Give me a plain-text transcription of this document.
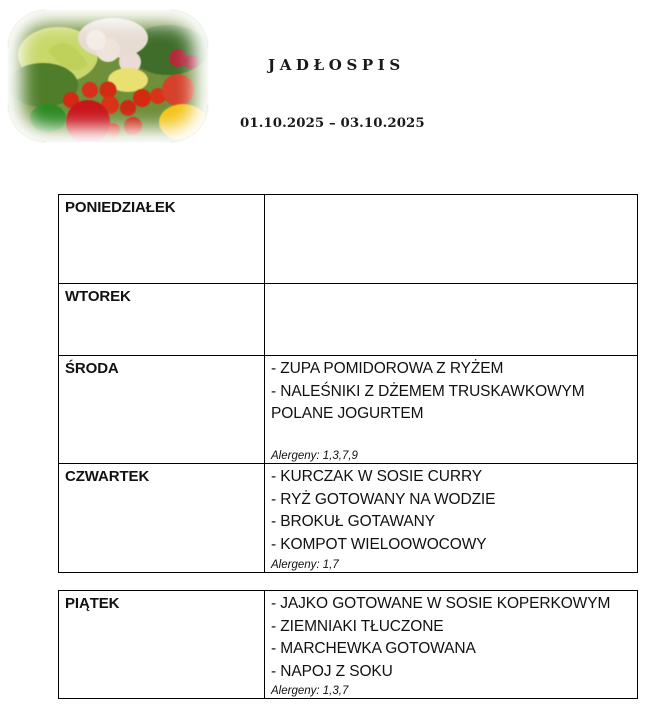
JADŁOSPIS
01.10.2025 – 03.10.2025
PONIEDZIAŁEK	

WTOREK	

ŚRODA	- ZUPA POMIDOROWA Z RYŻEM
- NALEŚNIKI Z DŻEMEM TRUSKAWKOWYM POLANE JOGURTEM
Alergeny: 1,3,7,9

CZWARTEK	- KURCZAK W SOSIE CURRY
- RYŻ GOTOWANY NA WODZIE
- BROKUŁ GOTAWANY
- KOMPOT WIELOOWOCOWY
Alergeny: 1,7
PIĄTEK	- JAJKO GOTOWANE W SOSIE KOPERKOWYM
- ZIEMNIAKI TŁUCZONE
- MARCHEWKA GOTOWANA
- NAPOJ Z SOKU
Alergeny: 1,3,7
